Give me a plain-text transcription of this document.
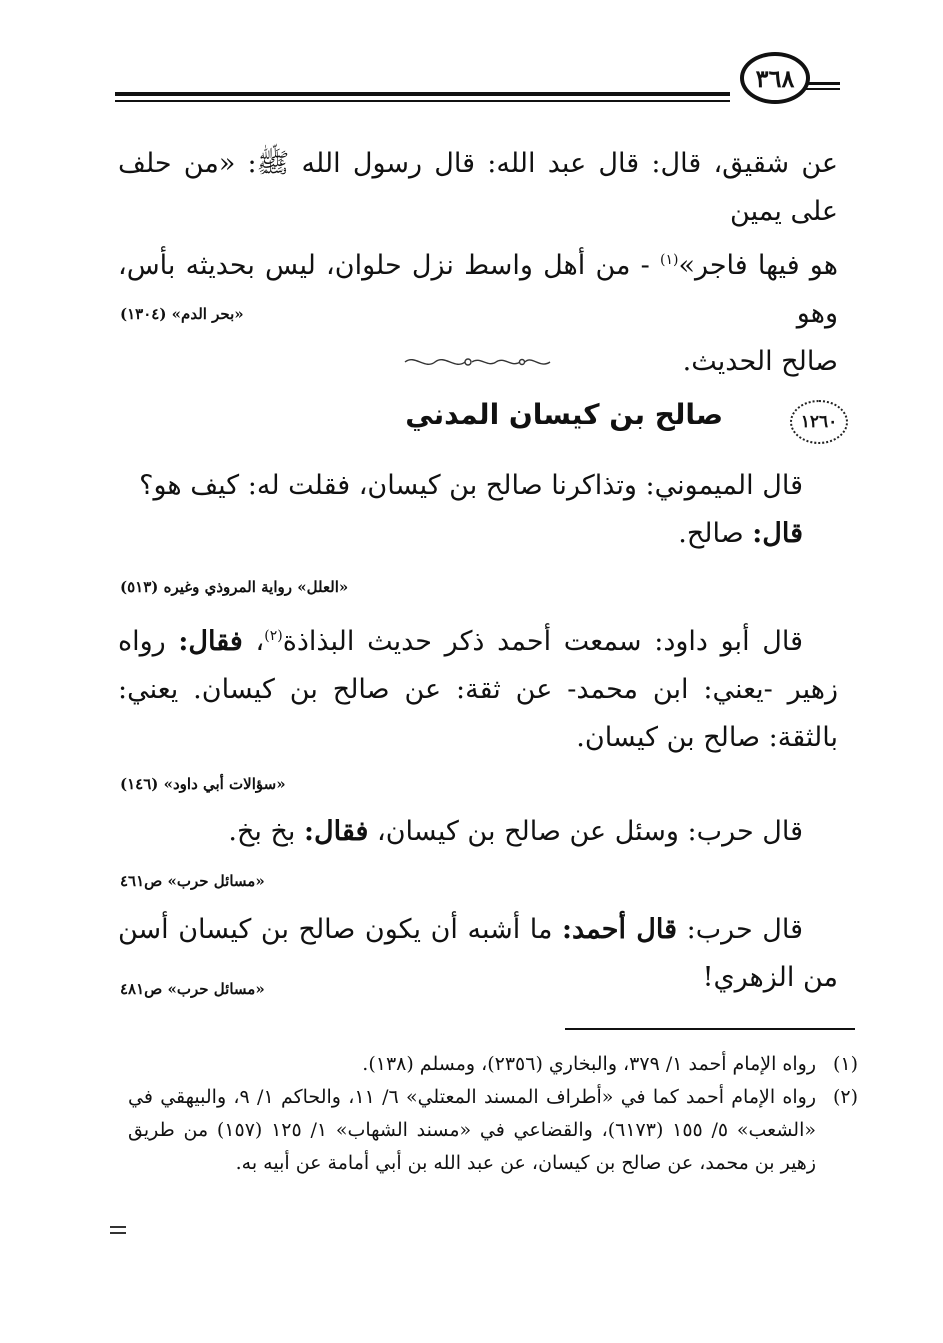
٣٦٨

عن شقيق، قال: قال عبد الله: قال رسول الله ﷺ: «من حلف على يمين
هو فيها فاجر»$^{(١)}$ - من أهل واسط نزل حلوان، ليس بحديثه بأس، وهو
صالح الحديث.

«بحر الدم» (١٣٠٤)
١٢٦٠
صالح بن كيسان المدني

قال الميموني: وتذاكرنا صالح بن كيسان، فقلت له: كيف هو؟
قال: صالح.

«العلل» رواية المروذي وغيره (٥١٣)

قال أبو داود: سمعت أحمد ذكر حديث البذاذة$^{(٢)}$، فقال: رواه زهير -يعني: ابن محمد- عن ثقة: عن صالح بن كيسان. يعني: بالثقة: صالح بن كيسان.

«سؤالات أبي داود» (١٤٦)

قال حرب: وسئل عن صالح بن كيسان، فقال: بخ بخ.

«مسائل حرب» ص٤٦١

قال حرب: قال أحمد: ما أشبه أن يكون صالح بن كيسان أسن من الزهري!

«مسائل حرب» ص٤٨١
(١)
رواه الإمام أحمد ١/ ٣٧٩، والبخاري (٢٣٥٦)، ومسلم (١٣٨).
(٢)
رواه الإمام أحمد كما في «أطراف المسند المعتلي» ٦/ ١١، والحاكم ١/ ٩، والبيهقي في «الشعب» ٥/ ١٥٥ (٦١٧٣)، والقضاعي في «مسند الشهاب» ١/ ١٢٥ (١٥٧) من طريق زهير بن محمد، عن صالح بن كيسان، عن عبد الله بن أبي أمامة عن أبيه به.
